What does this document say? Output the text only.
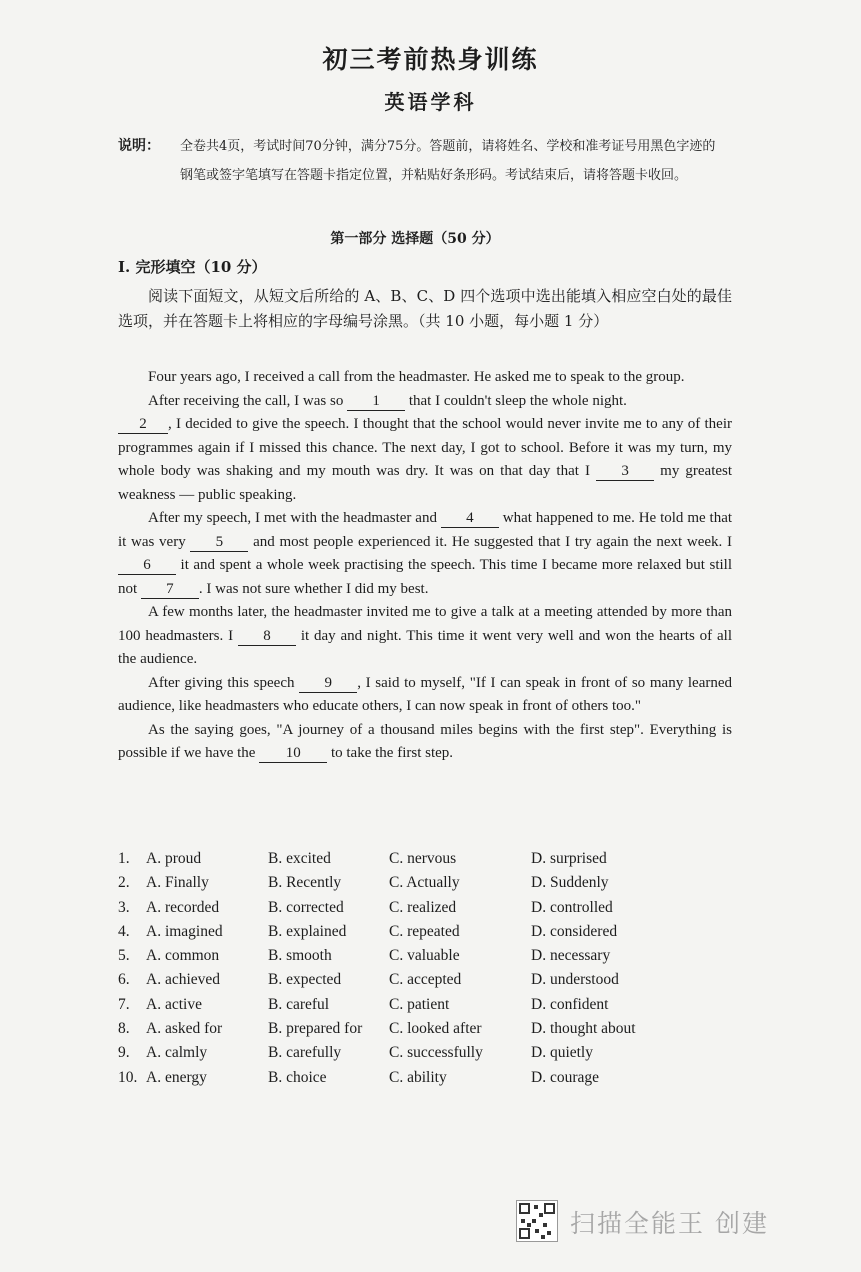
初三考前热身训练
英语学科
说明： 全卷共4页，考试时间70分钟，满分75分。答题前，请将姓名、学校和准考证号用黑色字迹的钢笔或签字笔填写在答题卡指定位置，并粘贴好条形码。考试结束后，请将答题卡收回。
第一部分 选择题（50 分）
I. 完形填空（10 分）
阅读下面短文，从短文后所给的 A、B、C、D 四个选项中选出能填入相应空白处的最佳选项，并在答题卡上将相应的字母编号涂黑。（共 10 小题，每小题 1 分）

Four years ago, I received a call from the headmaster. He asked me to speak to the group.

After receiving the call, I was so 1 that I couldn't sleep the whole night.
2 , I decided to give the speech. I thought that the school would never invite me to any of their programmes again if I missed this chance. The next day, I got to school. Before it was my turn, my whole body was shaking and my mouth was dry. It was on that day that I 3 my greatest weakness — public speaking.

After my speech, I met with the headmaster and 4 what happened to me. He told me that it was very 5 and most people experienced it. He suggested that I try again the next week. I 6 it and spent a whole week practising the speech. This time I became more relaxed but still not 7 . I was not sure whether I did my best.

A few months later, the headmaster invited me to give a talk at a meeting attended by more than 100 headmasters. I 8 it day and night. This time it went very well and won the hearts of all the audience.

After giving this speech 9 , I said to myself, "If I can speak in front of so many learned audience, like headmasters who educate others, I can now speak in front of others too."

As the saying goes, "A journey of a thousand miles begins with the first step". Everything is possible if we have the 10 to take the first step.

1. A. proud	B. excited	C. nervous	D. surprised
2. A. Finally	B. Recently	C. Actually	D. Suddenly
3. A. recorded	B. corrected	C. realized	D. controlled
4. A. imagined	B. explained	C. repeated	D. considered
5. A. common	B. smooth	C. valuable	D. necessary
6. A. achieved	B. expected	C. accepted	D. understood
7. A. active	B. careful	C. patient	D. confident
8. A. asked for	B. prepared for C. looked after	D. thought about
9. A. calmly	B. carefully	C. successfully	D. quietly
10. A. energy	B. choice	C. ability	D. courage
扫描全能王 创建
